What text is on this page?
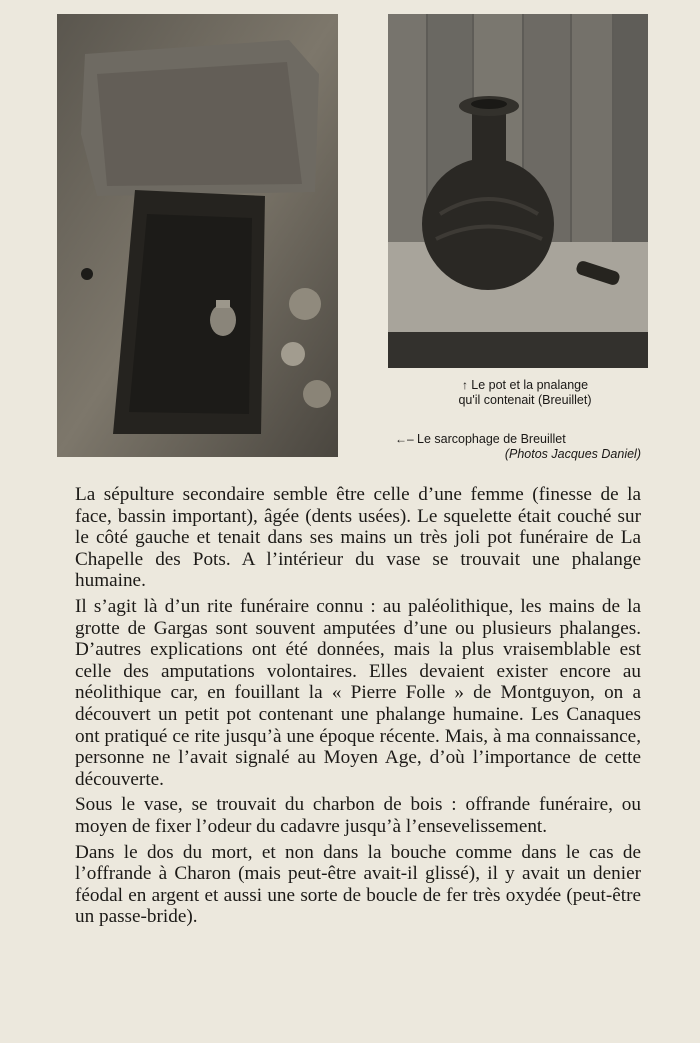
↑ Le pot et la pnalange
qu'il contenait (Breuillet)
←– Le sarcophage de Breuillet
(Photos Jacques Daniel)

La sépulture secondaire semble être celle d’une femme (finesse de la face, bassin important), âgée (dents usées). Le squelette était couché sur le côté gauche et tenait dans ses mains un très joli pot funéraire de La Chapelle des Pots. A l’intérieur du vase se trouvait une phalange humaine.

Il s’agit là d’un rite funéraire connu : au paléolithique, les mains de la grotte de Gargas sont souvent amputées d’une ou plusieurs phalanges. D’autres explications ont été données, mais la plus vraisemblable est celle des amputations volontaires. Elles devaient exister encore au néolithique car, en fouillant la « Pierre Folle » de Montguyon, on a découvert un petit pot contenant une phalange humaine. Les Canaques ont pratiqué ce rite jusqu’à une époque récente. Mais, à ma connaissance, personne ne l’avait signalé au Moyen Age, d’où l’importance de cette découverte.

Sous le vase, se trouvait du charbon de bois : offrande funéraire, ou moyen de fixer l’odeur du cadavre jusqu’à l’ensevelissement.

Dans le dos du mort, et non dans la bouche comme dans le cas de l’offrande à Charon (mais peut-être avait-il glissé), il y avait un denier féodal en argent et aussi une sorte de boucle de fer très oxydée (peut-être un passe-bride).
